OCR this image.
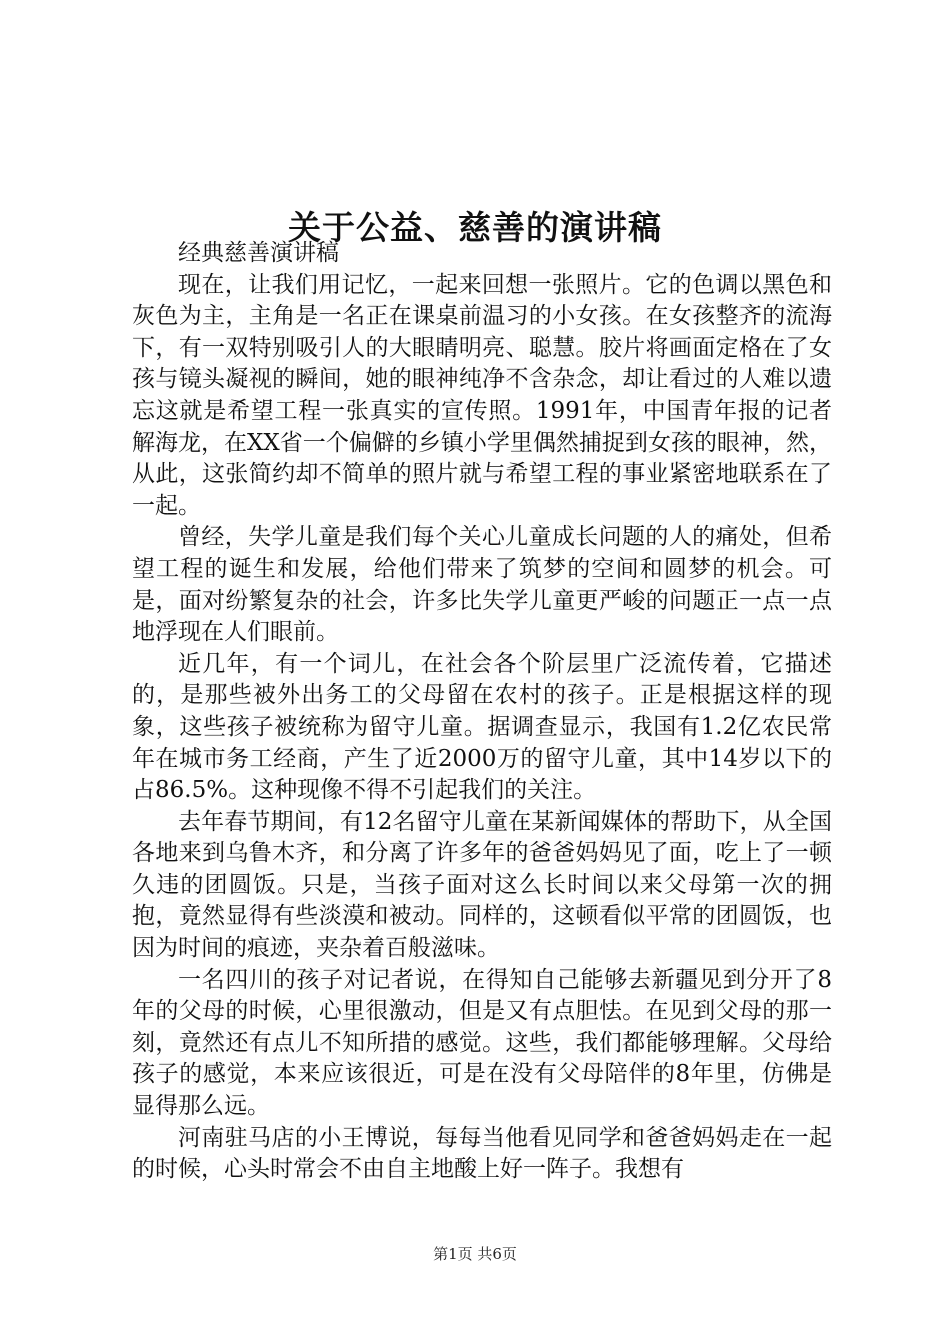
关于公益、慈善的演讲稿

经典慈善演讲稿

现在，让我们用记忆，一起来回想一张照片。它的色调以黑色和灰色为主，主角是一名正在课桌前温习的小女孩。在女孩整齐的流海下，有一双特别吸引人的大眼睛明亮、聪慧。胶片将画面定格在了女孩与镜头凝视的瞬间，她的眼神纯净不含杂念，却让看过的人难以遗忘这就是希望工程一张真实的宣传照。1991年，中国青年报的记者解海龙，在XX省一个偏僻的乡镇小学里偶然捕捉到女孩的眼神，然，从此，这张简约却不简单的照片就与希望工程的事业紧密地联系在了一起。

曾经，失学儿童是我们每个关心儿童成长问题的人的痛处，但希望工程的诞生和发展，给他们带来了筑梦的空间和圆梦的机会。可是，面对纷繁复杂的社会，许多比失学儿童更严峻的问题正一点一点地浮现在人们眼前。

近几年，有一个词儿，在社会各个阶层里广泛流传着，它描述的，是那些被外出务工的父母留在农村的孩子。正是根据这样的现象，这些孩子被统称为留守儿童。据调查显示，我国有1.2亿农民常年在城市务工经商，产生了近2000万的留守儿童，其中14岁以下的占86.5%。这种现像不得不引起我们的关注。

去年春节期间，有12名留守儿童在某新闻媒体的帮助下，从全国各地来到乌鲁木齐，和分离了许多年的爸爸妈妈见了面，吃上了一顿久违的团圆饭。只是，当孩子面对这么长时间以来父母第一次的拥抱，竟然显得有些淡漠和被动。同样的，这顿看似平常的团圆饭，也因为时间的痕迹，夹杂着百般滋味。

一名四川的孩子对记者说，在得知自己能够去新疆见到分开了8年的父母的时候，心里很激动，但是又有点胆怯。在见到父母的那一刻，竟然还有点儿不知所措的感觉。这些，我们都能够理解。父母给孩子的感觉，本来应该很近，可是在没有父母陪伴的8年里，仿佛是显得那么远。

河南驻马店的小王博说，每每当他看见同学和爸爸妈妈走在一起的时候，心头时常会不由自主地酸上好一阵子。我想有

第1页 共6页
